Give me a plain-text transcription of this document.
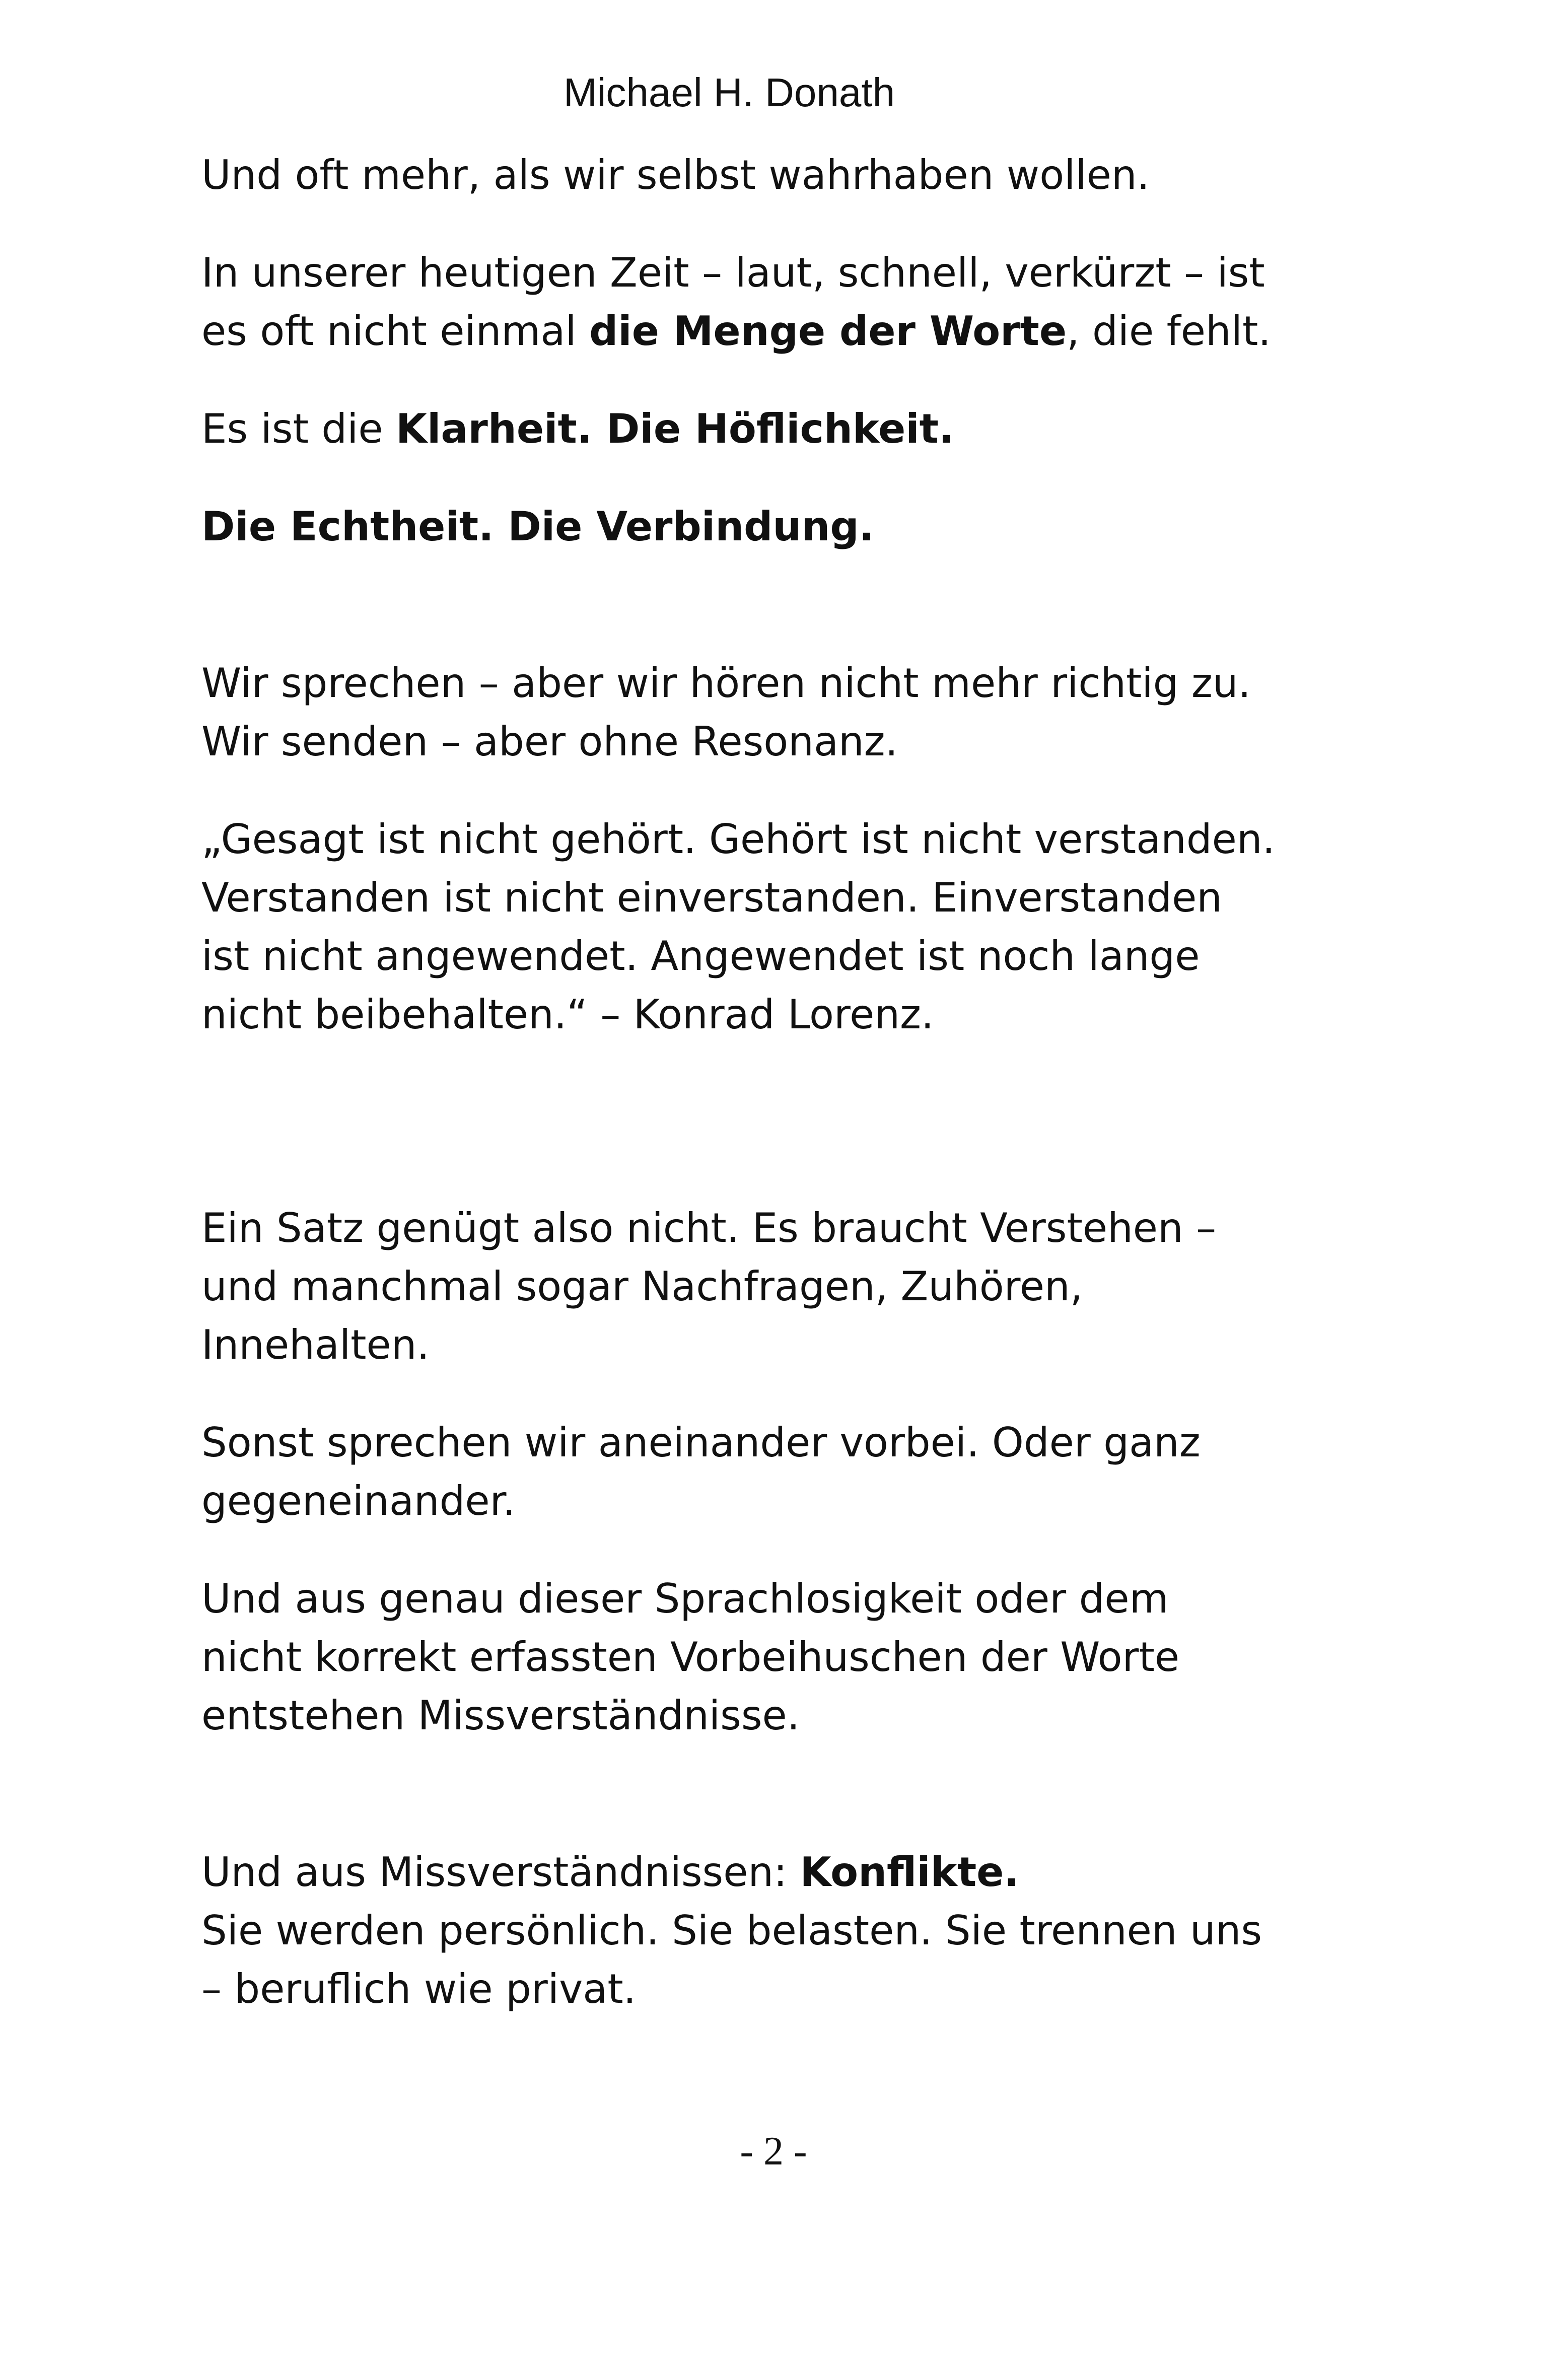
Michael H. Donath

Und oft mehr, als wir selbst wahrhaben wollen.

In unserer heutigen Zeit – laut, schnell, verkürzt – ist
es oft nicht einmal die Menge der Worte, die fehlt.

Es ist die Klarheit. Die Höflichkeit.

Die Echtheit. Die Verbindung.

Wir sprechen – aber wir hören nicht mehr richtig zu.
Wir senden – aber ohne Resonanz.

„Gesagt ist nicht gehört. Gehört ist nicht verstanden.
Verstanden ist nicht einverstanden. Einverstanden
ist nicht angewendet. Angewendet ist noch lange
nicht beibehalten.“ – Konrad Lorenz.

Ein Satz genügt also nicht. Es braucht Verstehen –
und manchmal sogar Nachfragen, Zuhören,
Innehalten.

Sonst sprechen wir aneinander vorbei. Oder ganz
gegeneinander.

Und aus genau dieser Sprachlosigkeit oder dem
nicht korrekt erfassten Vorbeihuschen der Worte
entstehen Missverständnisse.

Und aus Missverständnissen: Konflikte.
Sie werden persönlich. Sie belasten. Sie trennen uns
– beruflich wie privat.

- 2 -
